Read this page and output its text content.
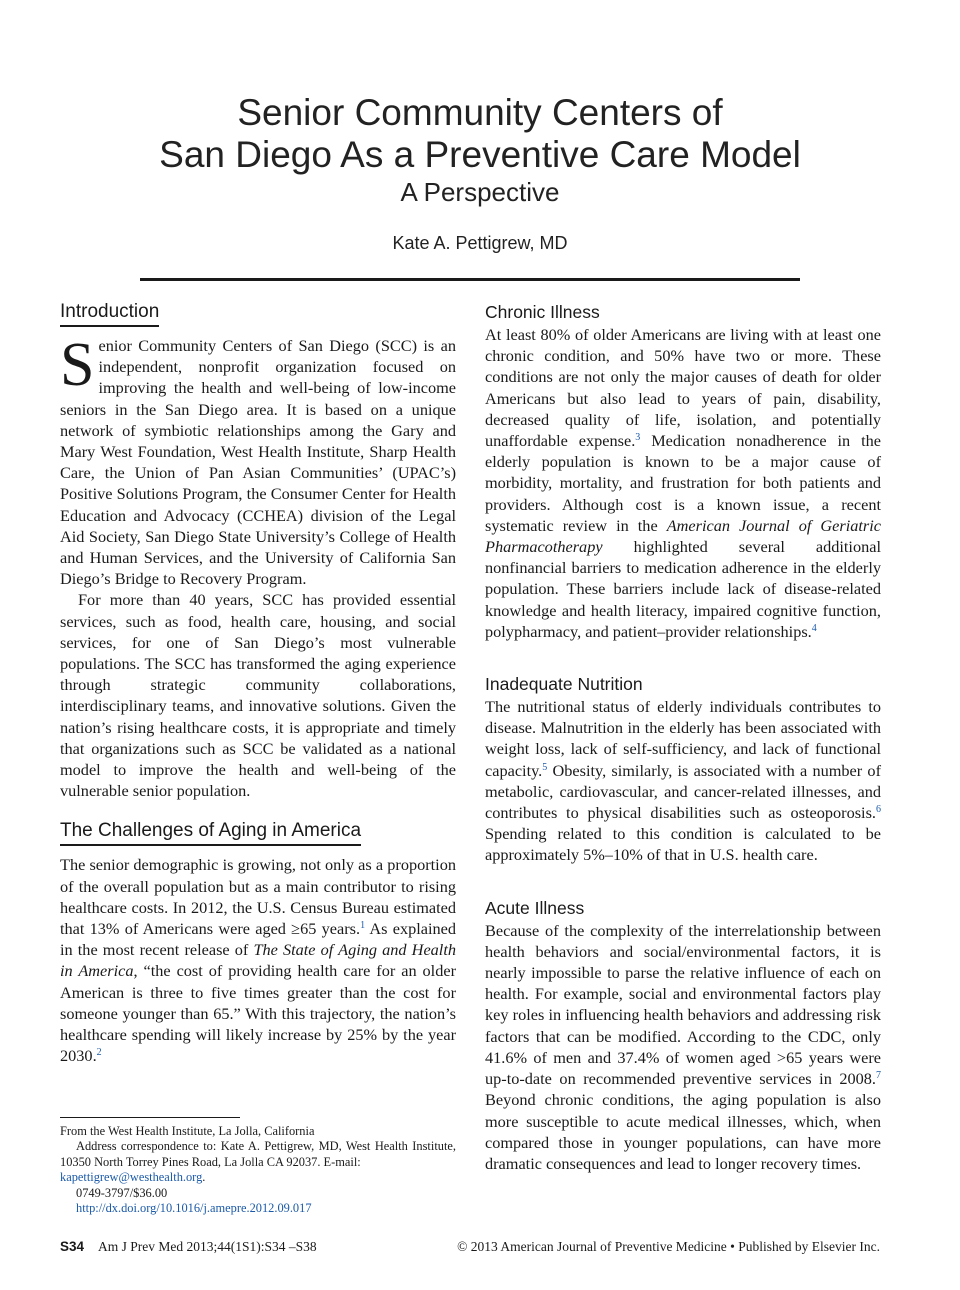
Senior Community Centers of
San Diego As a Preventive Care Model
A Perspective
Kate A. Pettigrew, MD
Introduction

Senior Community Centers of San Diego (SCC) is an independent, nonprofit organization focused on improving the health and well-being of low-income seniors in the San Diego area. It is based on a unique network of symbiotic relationships among the Gary and Mary West Foundation, West Health Institute, Sharp Health Care, the Union of Pan Asian Communities’ (UPAC’s) Positive Solutions Program, the Consumer Center for Health Education and Advocacy (CCHEA) division of the Legal Aid Society, San Diego State University’s College of Health and Human Services, and the University of California San Diego’s Bridge to Recovery Program.

For more than 40 years, SCC has provided essential services, such as food, health care, housing, and social services, for one of San Diego’s most vulnerable populations. The SCC has transformed the aging experience through strategic community collaborations, interdisciplinary teams, and innovative solutions. Given the nation’s rising healthcare costs, it is appropriate and timely that organizations such as SCC be validated as a national model to improve the health and well-being of the vulnerable senior population.

The Challenges of Aging in America

The senior demographic is growing, not only as a proportion of the overall population but as a main contributor to rising healthcare costs. In 2012, the U.S. Census Bureau estimated that 13% of Americans were aged ≥65 years.$^1$ As explained in the most recent release of The State of Aging and Health in America, “the cost of providing health care for an older American is three to five times greater than the cost for someone younger than 65.” With this trajectory, the nation’s healthcare spending will likely increase by 25% by the year 2030.$^2$

Chronic Illness

At least 80% of older Americans are living with at least one chronic condition, and 50% have two or more. These conditions are not only the major causes of death for older Americans but also lead to years of pain, disability, decreased quality of life, isolation, and potentially unaffordable expense.$^3$ Medication nonadherence in the elderly population is known to be a major cause of morbidity, mortality, and frustration for both patients and providers. Although cost is a known issue, a recent systematic review in the American Journal of Geriatric Pharmacotherapy highlighted several additional nonfinancial barriers to medication adherence in the elderly population. These barriers include lack of disease-related knowledge and health literacy, impaired cognitive function, polypharmacy, and patient–provider relationships.$^4$

Inadequate Nutrition

The nutritional status of elderly individuals contributes to disease. Malnutrition in the elderly has been associated with weight loss, lack of self-sufficiency, and lack of functional capacity.$^5$ Obesity, similarly, is associated with a number of metabolic, cardiovascular, and cancer-related illnesses, and contributes to physical disabilities such as osteoporosis.$^6$ Spending related to this condition is calculated to be approximately 5%–10% of that in U.S. health care.

Acute Illness

Because of the complexity of the interrelationship between health behaviors and social/environmental factors, it is nearly impossible to parse the relative influence of each on health. For example, social and environmental factors play key roles in influencing health behaviors and addressing risk factors that can be modified. According to the CDC, only 41.6% of men and 37.4% of women aged >65 years were up-to-date on recommended preventive services in 2008.$^7$ Beyond chronic conditions, the aging population is also more susceptible to acute medical illnesses, which, when compared those in younger populations, can have more dramatic consequences and lead to longer recovery times.

From the West Health Institute, La Jolla, California
Address correspondence to: Kate A. Pettigrew, MD, West Health Institute, 10350 North Torrey Pines Road, La Jolla CA 92037. E-mail:
kapettigrew@westhealth.org.
0749-3797/$36.00
http://dx.doi.org/10.1016/j.amepre.2012.09.017
S34 Am J Prev Med 2013;44(1S1):S34 –S38	© 2013 American Journal of Preventive Medicine • Published by Elsevier Inc.
